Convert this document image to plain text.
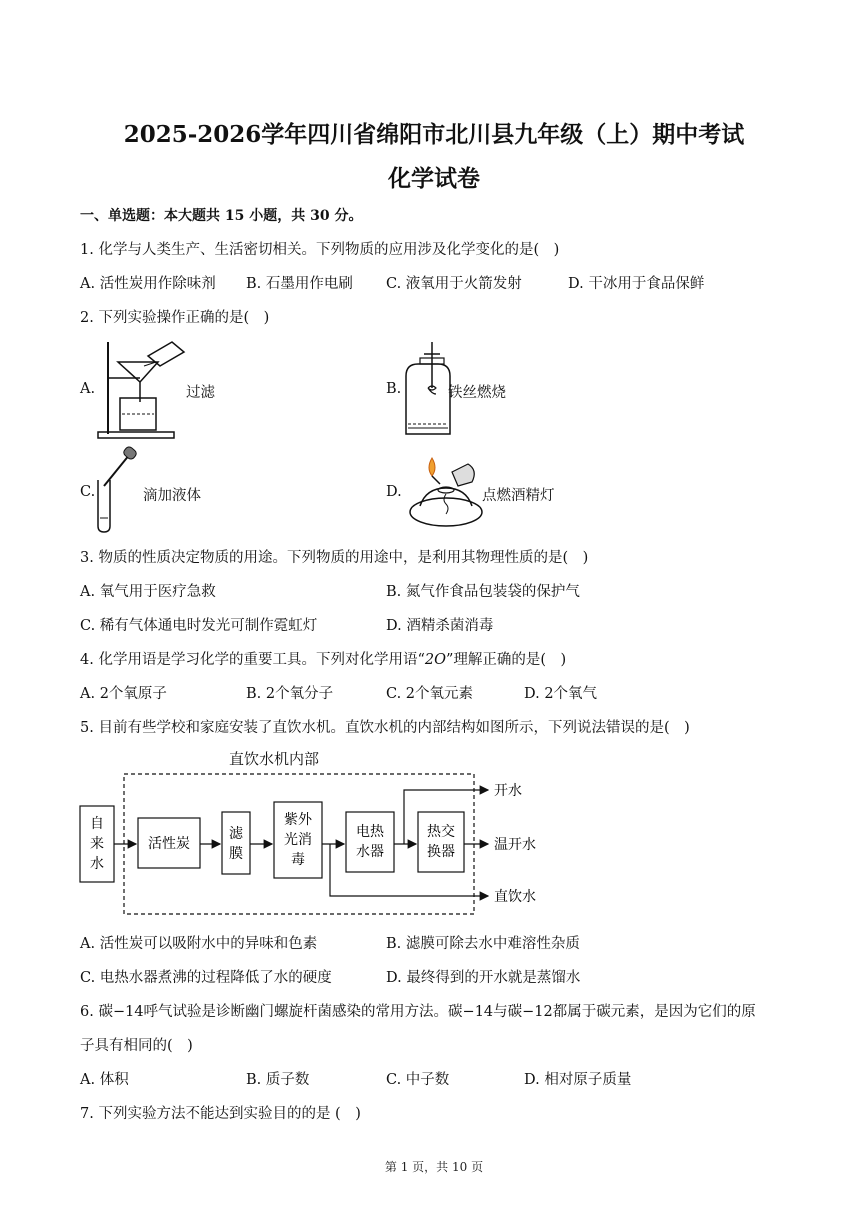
2025-2026学年四川省绵阳市北川县九年级（上）期中考试
化学试卷
一、单选题：本大题共 15 小题，共 30 分。
1. 化学与人类生产、生活密切相关。下列物质的应用涉及化学变化的是(　)
A. 活性炭用作除味剂 B. 石墨用作电刷 C. 液氧用于火箭发射	D. 干冰用于食品保鲜
2. 下列实验操作正确的是(　)
A.	过滤	B.	铁丝燃烧
C.	滴加液体	D.	点燃酒精灯
3. 物质的性质决定物质的用途。下列物质的用途中，是利用其物理性质的是(　)
A. 氧气用于医疗急救	B. 氮气作食品包装袋的保护气
C. 稀有气体通电时发光可制作霓虹灯	D. 酒精杀菌消毒
4. 化学用语是学习化学的重要工具。下列对化学用语“2O”理解正确的是(　)
A. 2个氧原子	B. 2个氧分子	C. 2个氧元素	D. 2个氧气
5. 目前有些学校和家庭安装了直饮水机。直饮水机的内部结构如图所示，下列说法错误的是(　)
直饮水机内部
自
来
水
活性炭
滤
膜
紫外
光消
毒
电热
水器
热交
换器
开水
温开水
直饮水
A. 活性炭可以吸附水中的异味和色素	B. 滤膜可除去水中难溶性杂质
C. 电热水器煮沸的过程降低了水的硬度	D. 最终得到的开水就是蒸馏水
6. 碳−14呼气试验是诊断幽门螺旋杆菌感染的常用方法。碳−14与碳−12都属于碳元素，是因为它们的原
子具有相同的(　)
A. 体积	B. 质子数	C. 中子数	D. 相对原子质量
7. 下列实验方法不能达到实验目的的是 (　)
第 1 页，共 10 页
